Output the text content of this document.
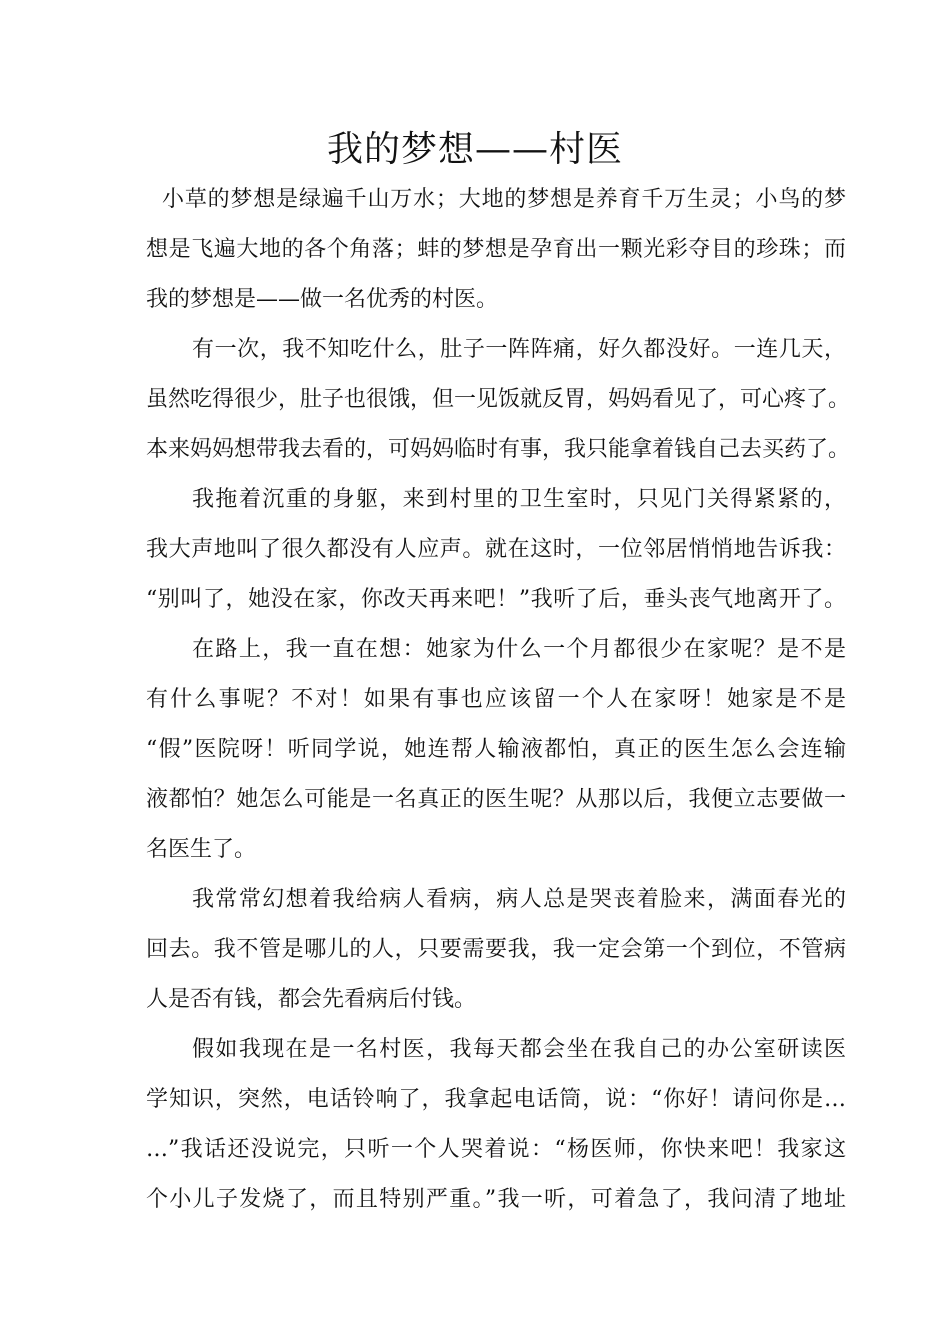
我的梦想——村医
小草的梦想是绿遍千山万水；大地的梦想是养育千万生灵；小鸟的梦
想是飞遍大地的各个角落；蚌的梦想是孕育出一颗光彩夺目的珍珠；而
我的梦想是——做一名优秀的村医。
有一次，我不知吃什么，肚子一阵阵痛，好久都没好。一连几天，
虽然吃得很少，肚子也很饿，但一见饭就反胃，妈妈看见了，可心疼了。
本来妈妈想带我去看的，可妈妈临时有事，我只能拿着钱自己去买药了。
我拖着沉重的身躯，来到村里的卫生室时，只见门关得紧紧的，
我大声地叫了很久都没有人应声。就在这时，一位邻居悄悄地告诉我：
“别叫了，她没在家，你改天再来吧！”我听了后，垂头丧气地离开了。
在路上，我一直在想：她家为什么一个月都很少在家呢？是不是
有什么事呢？不对！如果有事也应该留一个人在家呀！她家是不是
“假”医院呀！听同学说，她连帮人输液都怕，真正的医生怎么会连输
液都怕？她怎么可能是一名真正的医生呢？从那以后，我便立志要做一
名医生了。
我常常幻想着我给病人看病，病人总是哭丧着脸来，满面春光的
回去。我不管是哪儿的人，只要需要我，我一定会第一个到位，不管病
人是否有钱，都会先看病后付钱。
假如我现在是一名村医，我每天都会坐在我自己的办公室研读医
学知识，突然，电话铃响了，我拿起电话筒，说：“你好！请问你是…
…”我话还没说完，只听一个人哭着说：“杨医师，你快来吧！我家这
个小儿子发烧了，而且特别严重。”我一听，可着急了，我问清了地址
